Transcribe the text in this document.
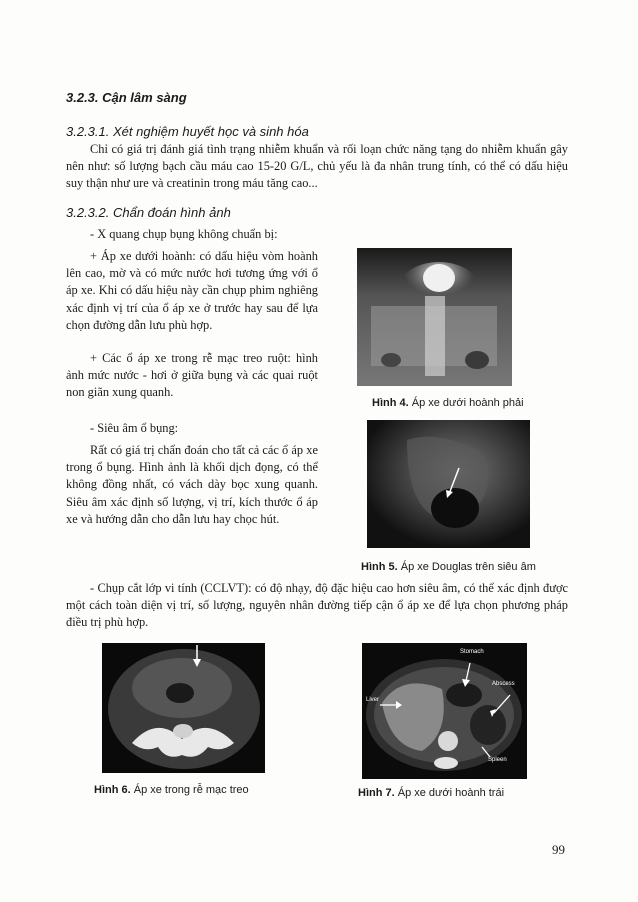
3.2.3. Cận lâm sàng
3.2.3.1. Xét nghiệm huyết học và sinh hóa

Chỉ có giá trị đánh giá tình trạng nhiễm khuẩn và rối loạn chức năng tạng do nhiễm khuẩn gây nên như: số lượng bạch cầu máu cao 15-20 G/L, chủ yếu là đa nhân trung tính, có thể có dấu hiệu suy thận như ure và creatinin trong máu tăng cao...

3.2.3.2. Chẩn đoán hình ảnh

- X quang chụp bụng không chuẩn bị:

+ Áp xe dưới hoành: có dấu hiệu vòm hoành lên cao, mờ và có mức nước hơi tương ứng với ổ áp xe. Khi có dấu hiệu này cần chụp phim nghiêng xác định vị trí của ổ áp xe ở trước hay sau để lựa chọn đường dẫn lưu phù hợp.

+ Các ổ áp xe trong rễ mạc treo ruột: hình ảnh mức nước - hơi ở giữa bụng và các quai ruột non giãn xung quanh.

- Siêu âm ổ bụng:

Rất có giá trị chẩn đoán cho tất cả các ổ áp xe trong ổ bụng. Hình ảnh là khối dịch đọng, có thể không đồng nhất, có vách dày bọc xung quanh. Siêu âm xác định số lượng, vị trí, kích thước ổ áp xe và hướng dẫn cho dẫn lưu hay chọc hút.

- Chụp cắt lớp vi tính (CCLVT): có độ nhạy, độ đặc hiệu cao hơn siêu âm, có thể xác định được một cách toàn diện vị trí, số lượng, nguyên nhân đường tiếp cận ổ áp xe để lựa chọn phương pháp điều trị phù hợp.

Hình 4. Áp xe dưới hoành phải
Hình 5. Áp xe Douglas trên siêu âm
Hình 6. Áp xe trong rễ mạc treo
Stomach
Abscess
Liver
Spleen
Hình 7. Áp xe dưới hoành trái
99
